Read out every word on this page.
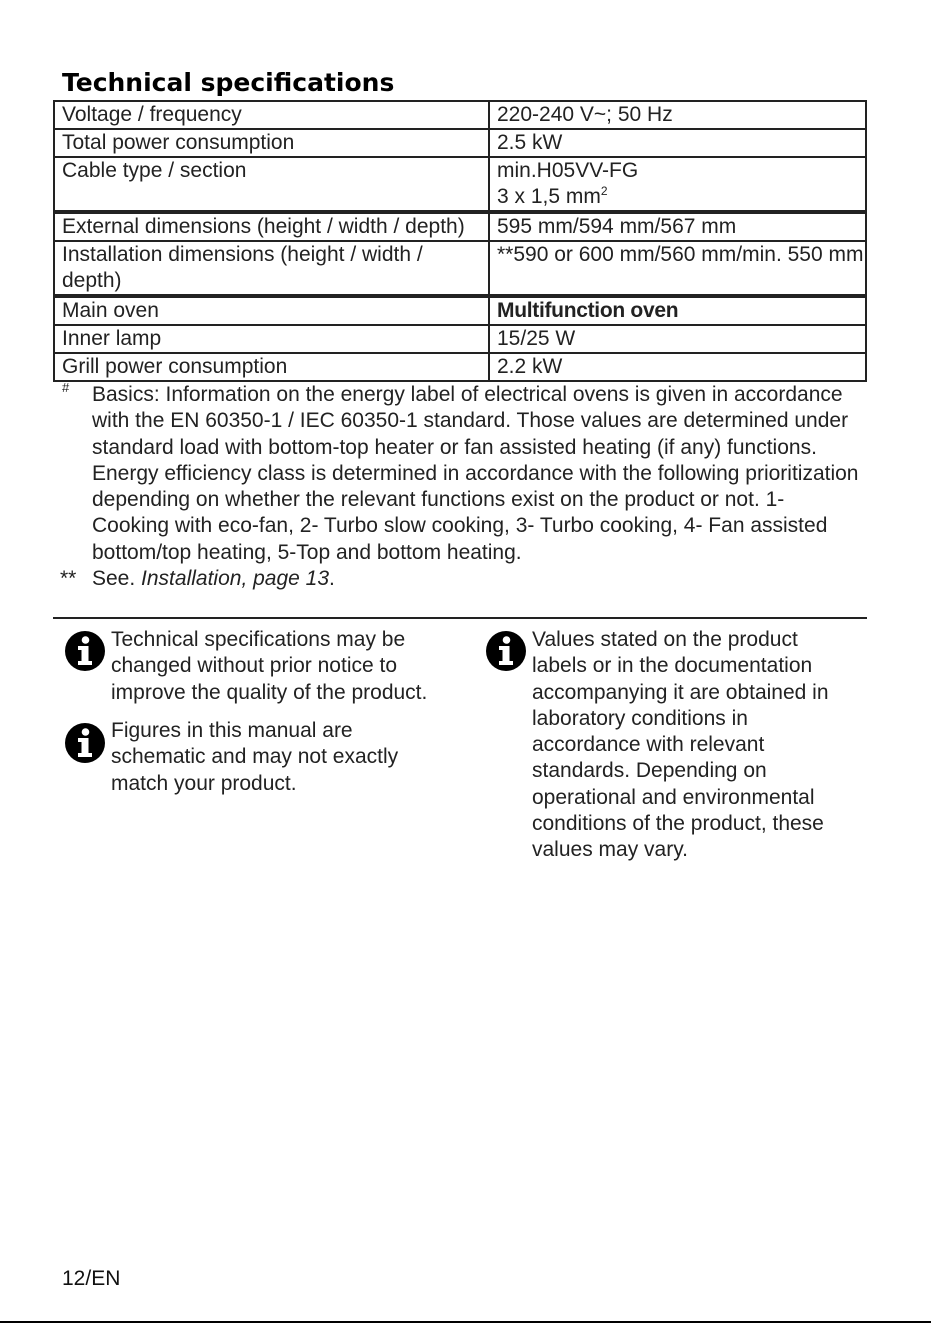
Technical specifications
Voltage / frequency	220-240 V~; 50 Hz
Total power consumption	2.5 kW
Cable type / section	min.H05VV-FG
3 x 1,5 $mm^2$

External dimensions (height / width / depth)	595 mm/594 mm/567 mm
Installation dimensions (height / width / depth)	**590 or 600 mm/560 mm/min. 550 mm
Main oven	Multifunction oven
Inner lamp	15/25 W
Grill power consumption	2.2 kW
# Basics: Information on the energy label of electrical ovens is given in accordance with the EN 60350-1 / IEC 60350-1 standard. Those values are determined under standard load with bottom-top heater or fan assisted heating (if any) functions.
Energy efficiency class is determined in accordance with the following prioritization depending on whether the relevant functions exist on the product or not. 1-Cooking with eco-fan, 2- Turbo slow cooking, 3- Turbo cooking, 4- Fan assisted bottom/top heating, 5-Top and bottom heating.
** See. Installation, page 13.
Technical specifications may be changed without prior notice to improve the quality of the product.
Figures in this manual are schematic and may not exactly match your product.
Values stated on the product labels or in the documentation accompanying it are obtained in laboratory conditions in accordance with relevant standards. Depending on operational and environmental conditions of the product, these values may vary.
12/EN
